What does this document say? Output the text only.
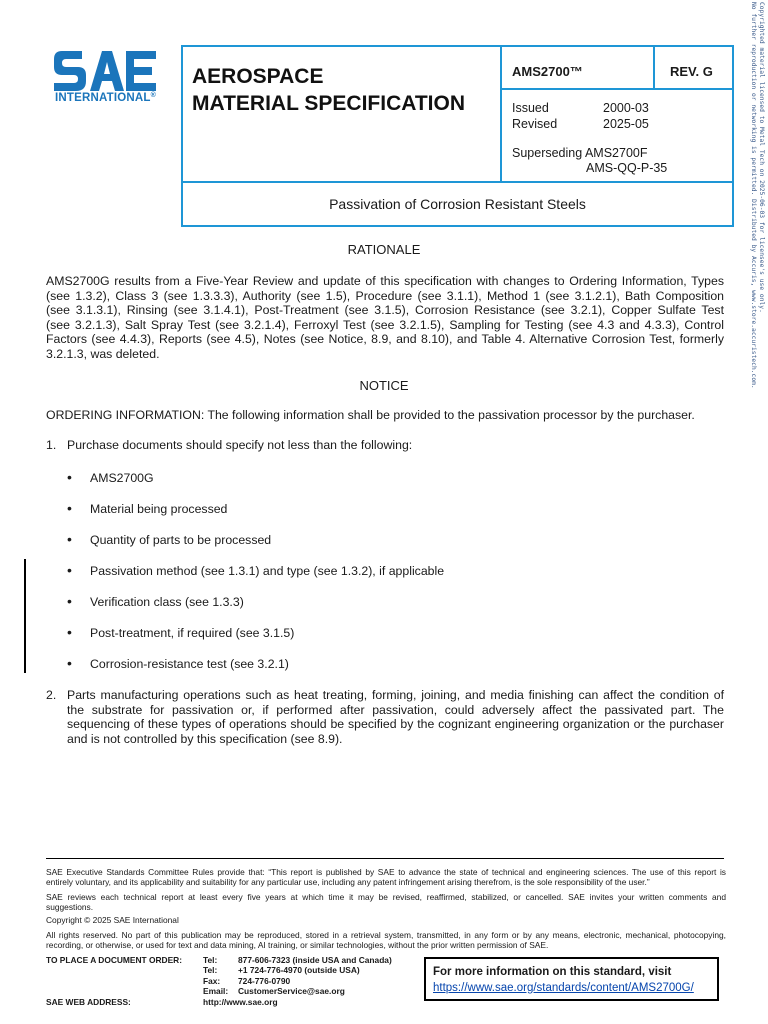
INTERNATIONAL®
AEROSPACE
MATERIAL SPECIFICATION
AMS2700™	REV. G
Issued	2000-03
Revised	2025-05
Superseding AMS2700F
AMS-QQ-P-35
Passivation of Corrosion Resistant Steels	Copyrighted material licensed to Metal Tech on 2025-06-03 for licensee's use only.
No further reproduction or networking is permitted. Distributed by Accuris, www.store.accuristech.com.
RATIONALE
AMS2700G results from a Five-Year Review and update of this specification with changes to Ordering Information, Types
(see 1.3.2), Class 3 (see 1.3.3.3), Authority (see 1.5), Procedure (see 3.1.1), Method 1 (see 3.1.2.1), Bath Composition
(see 3.1.3.1), Rinsing (see 3.1.4.1), Post-Treatment (see 3.1.5), Corrosion Resistance (see 3.2.1), Copper Sulfate Test
(see 3.2.1.3), Salt Spray Test (see 3.2.1.4), Ferroxyl Test (see 3.2.1.5), Sampling for Testing (see 4.3 and 4.3.3), Control
Factors (see 4.4.3), Reports (see 4.5), Notes (see Notice, 8.9, and 8.10), and Table 4. Alternative Corrosion Test, formerly
3.2.1.3, was deleted.
NOTICE
ORDERING INFORMATION: The following information shall be provided to the passivation processor by the purchaser.
1. Purchase documents should specify not less than the following:
• AMS2700G
• Material being processed
• Quantity of parts to be processed
• Passivation method (see 1.3.1) and type (see 1.3.2), if applicable
• Verification class (see 1.3.3)
• Post-treatment, if required (see 3.1.5)
• Corrosion-resistance test (see 3.2.1)
2. Parts manufacturing operations such as heat treating, forming, joining, and media finishing can affect the condition of
the substrate for passivation or, if performed after passivation, could adversely affect the passivated part. The
sequencing of these types of operations should be specified by the cognizant engineering organization or the purchaser
and is not controlled by this specification (see 8.9).
SAE Executive Standards Committee Rules provide that: “This report is published by SAE to advance the state of technical and engineering sciences. The use of this report is
entirely voluntary, and its applicability and suitability for any particular use, including any patent infringement arising therefrom, is the sole responsibility of the user.”
SAE reviews each technical report at least every five years at which time it may be revised, reaffirmed, stabilized, or cancelled. SAE invites your written comments and
suggestions.
Copyright © 2025 SAE International
All rights reserved. No part of this publication may be reproduced, stored in a retrieval system, transmitted, in any form or by any means, electronic, mechanical, photocopying,
recording, or otherwise, or used for text and data mining, AI training, or similar technologies, without the prior written permission of SAE.
TO PLACE A DOCUMENT ORDER: Tel: 877-606-7323 (inside USA and Canada)
Tel: +1 724-776-4970 (outside USA)
Fax: 724-776-0790
Email: CustomerService@sae.org
SAE WEB ADDRESS:	http://www.sae.org
For more information on this standard, visit
https://www.sae.org/standards/content/AMS2700G/
